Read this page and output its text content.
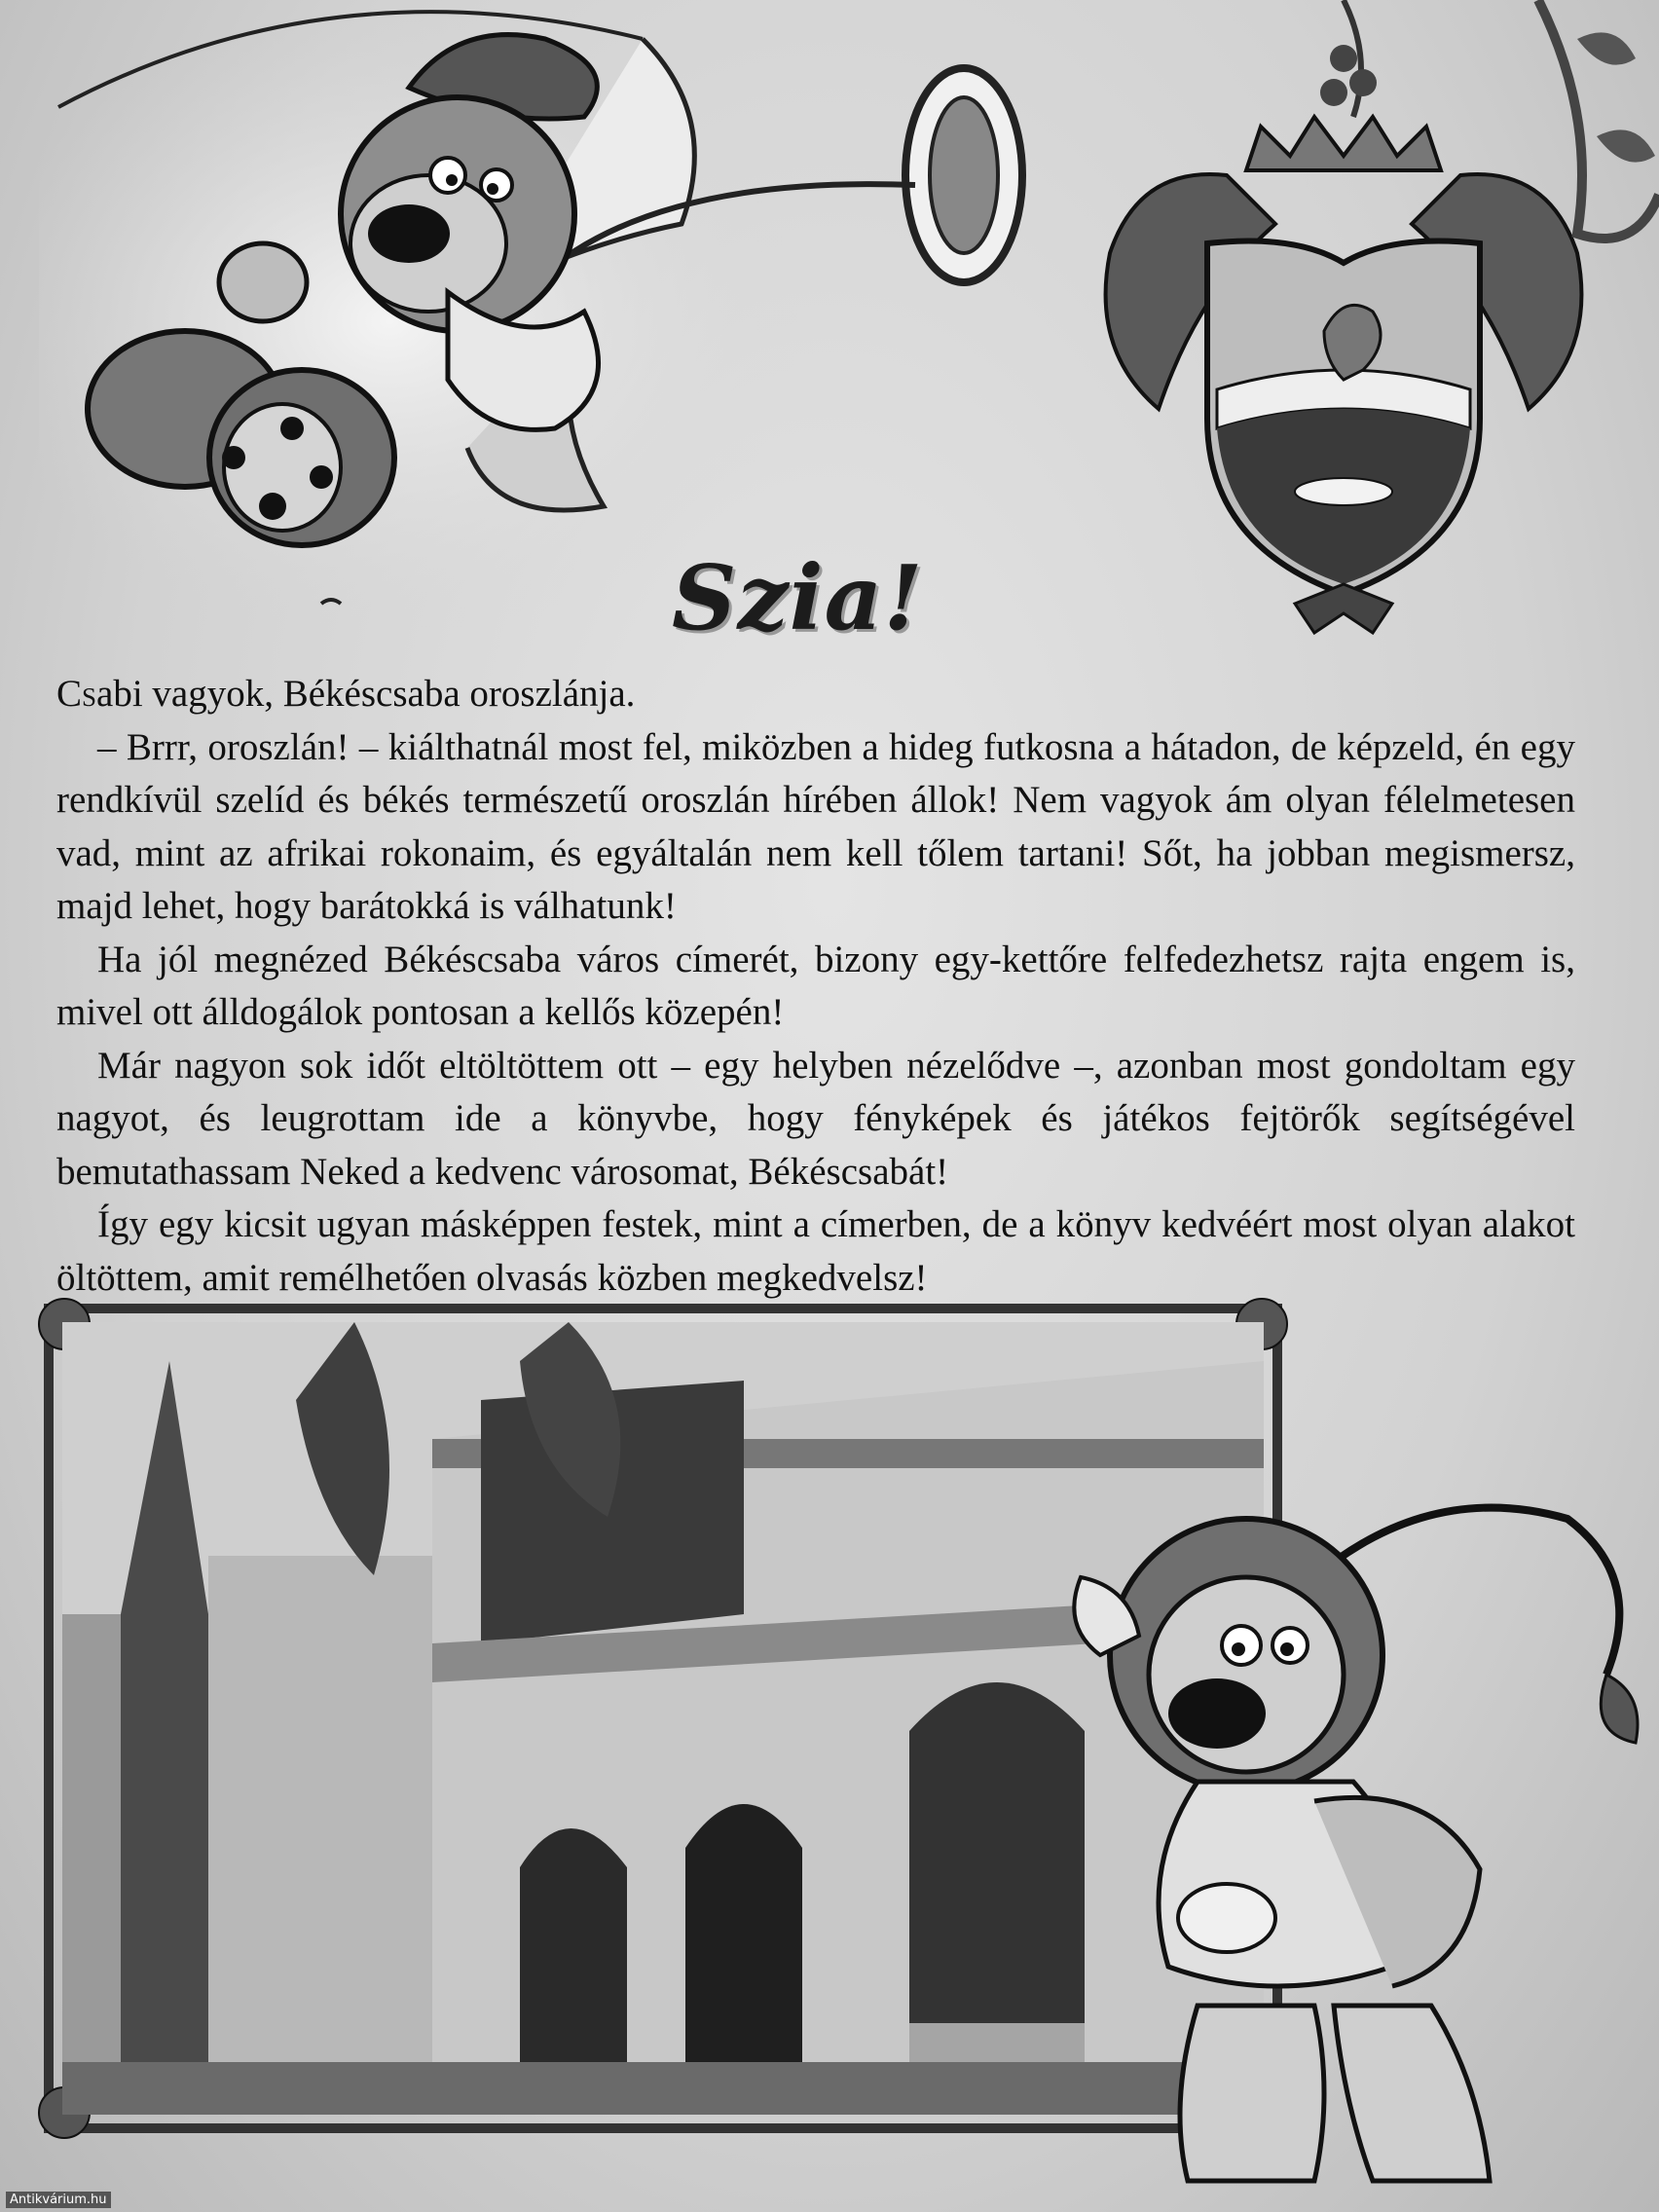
Szia!

Csabi vagyok, Békéscsaba oroszlánja.

– Brrr, oroszlán! – kiálthatnál most fel, miközben a hideg futkosna a hátadon, de képzeld, én egy rendkívül szelíd és békés természetű oroszlán hírében állok! Nem vagyok ám olyan félelmetesen vad, mint az afrikai rokonaim, és egyáltalán nem kell tőlem tartani! Sőt, ha jobban megismersz, majd lehet, hogy barátokká is válhatunk!

Ha jól megnézed Békéscsaba város címerét, bizony egy-kettőre felfedezhetsz rajta engem is, mivel ott álldogálok pontosan a kellős közepén!

Már nagyon sok időt eltöltöttem ott – egy helyben nézelődve –, azonban most gondoltam egy nagyot, és leugrottam ide a könyvbe, hogy fényképek és játékos fejtörők segítségével bemutathassam Neked a kedvenc városomat, Békéscsabát!

Így egy kicsit ugyan másképpen festek, mint a címerben, de a könyv kedvéért most olyan alakot öltöttem, amit remélhetően olvasás közben megkedvelsz!

Antikvárium.hu
